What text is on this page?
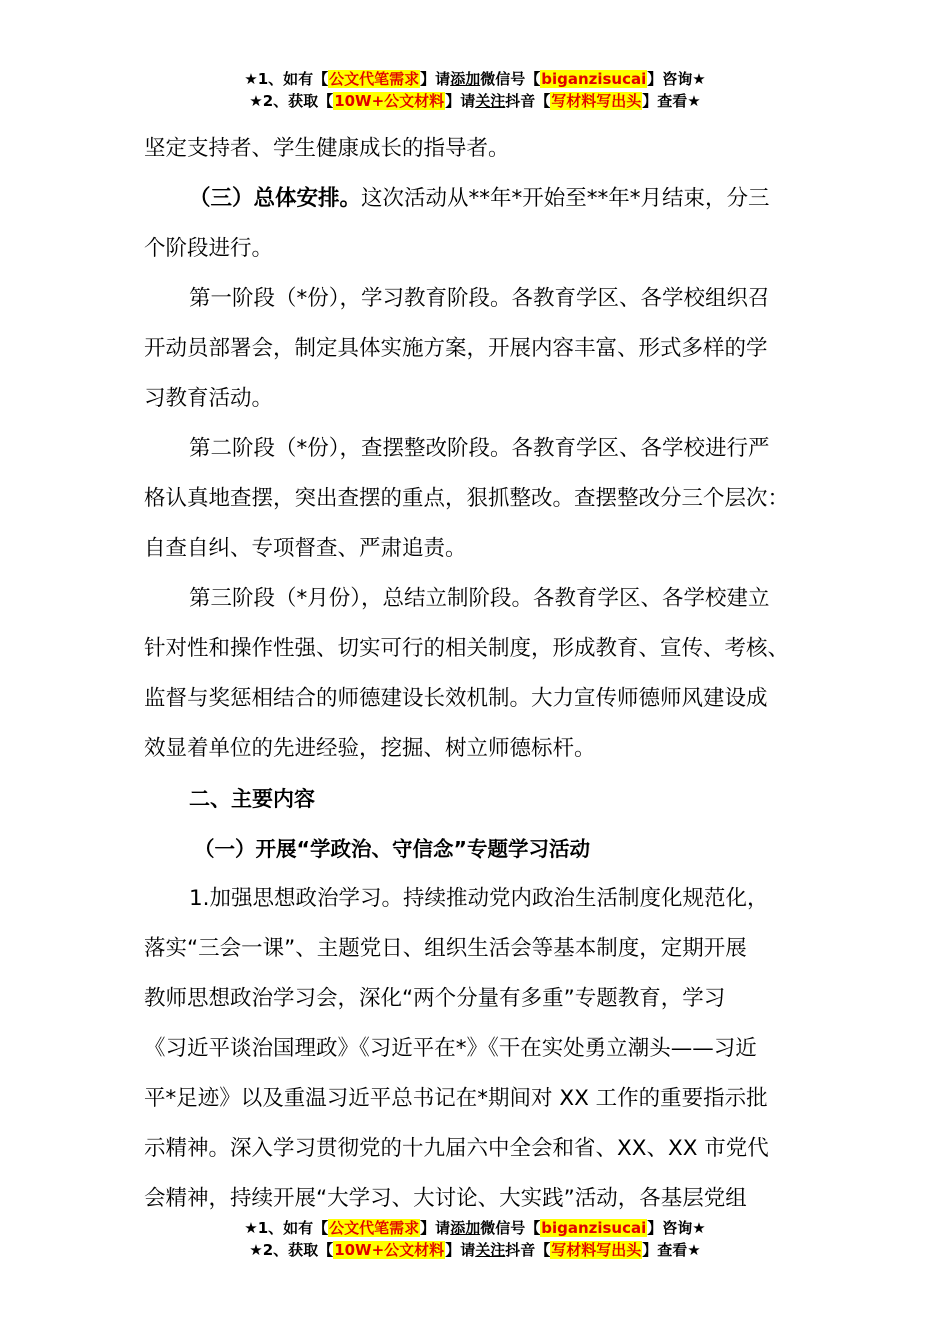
★1、如有【公文代笔需求】请添加微信号【biganzisucai】咨询★
★2、获取【10W+公文材料】请关注抖音【写材料写出头】查看★

坚定支持者、学生健康成长的指导者。

（三）总体安排。这次活动从**年*开始至**年*月结束，分三

个阶段进行。

第一阶段（*份），学习教育阶段。各教育学区、各学校组织召

开动员部署会，制定具体实施方案，开展内容丰富、形式多样的学

习教育活动。

第二阶段（*份），查摆整改阶段。各教育学区、各学校进行严

格认真地查摆，突出查摆的重点，狠抓整改。查摆整改分三个层次：

自查自纠、专项督查、严肃追责。

第三阶段（*月份），总结立制阶段。各教育学区、各学校建立

针对性和操作性强、切实可行的相关制度，形成教育、宣传、考核、

监督与奖惩相结合的师德建设长效机制。大力宣传师德师风建设成

效显着单位的先进经验，挖掘、树立师德标杆。

二、主要内容

（一）开展“学政治、守信念”专题学习活动

1.加强思想政治学习。持续推动党内政治生活制度化规范化，

落实“三会一课”、主题党日、组织生活会等基本制度，定期开展

教师思想政治学习会，深化“两个分量有多重”专题教育，学习

《习近平谈治国理政》《习近平在*》《干在实处勇立潮头——习近

平*足迹》以及重温习近平总书记在*期间对 XX 工作的重要指示批

示精神。深入学习贯彻党的十九届六中全会和省、XX、XX 市党代

会精神，持续开展“大学习、大讨论、大实践”活动，各基层党组

★1、如有【公文代笔需求】请添加微信号【biganzisucai】咨询★
★2、获取【10W+公文材料】请关注抖音【写材料写出头】查看★
